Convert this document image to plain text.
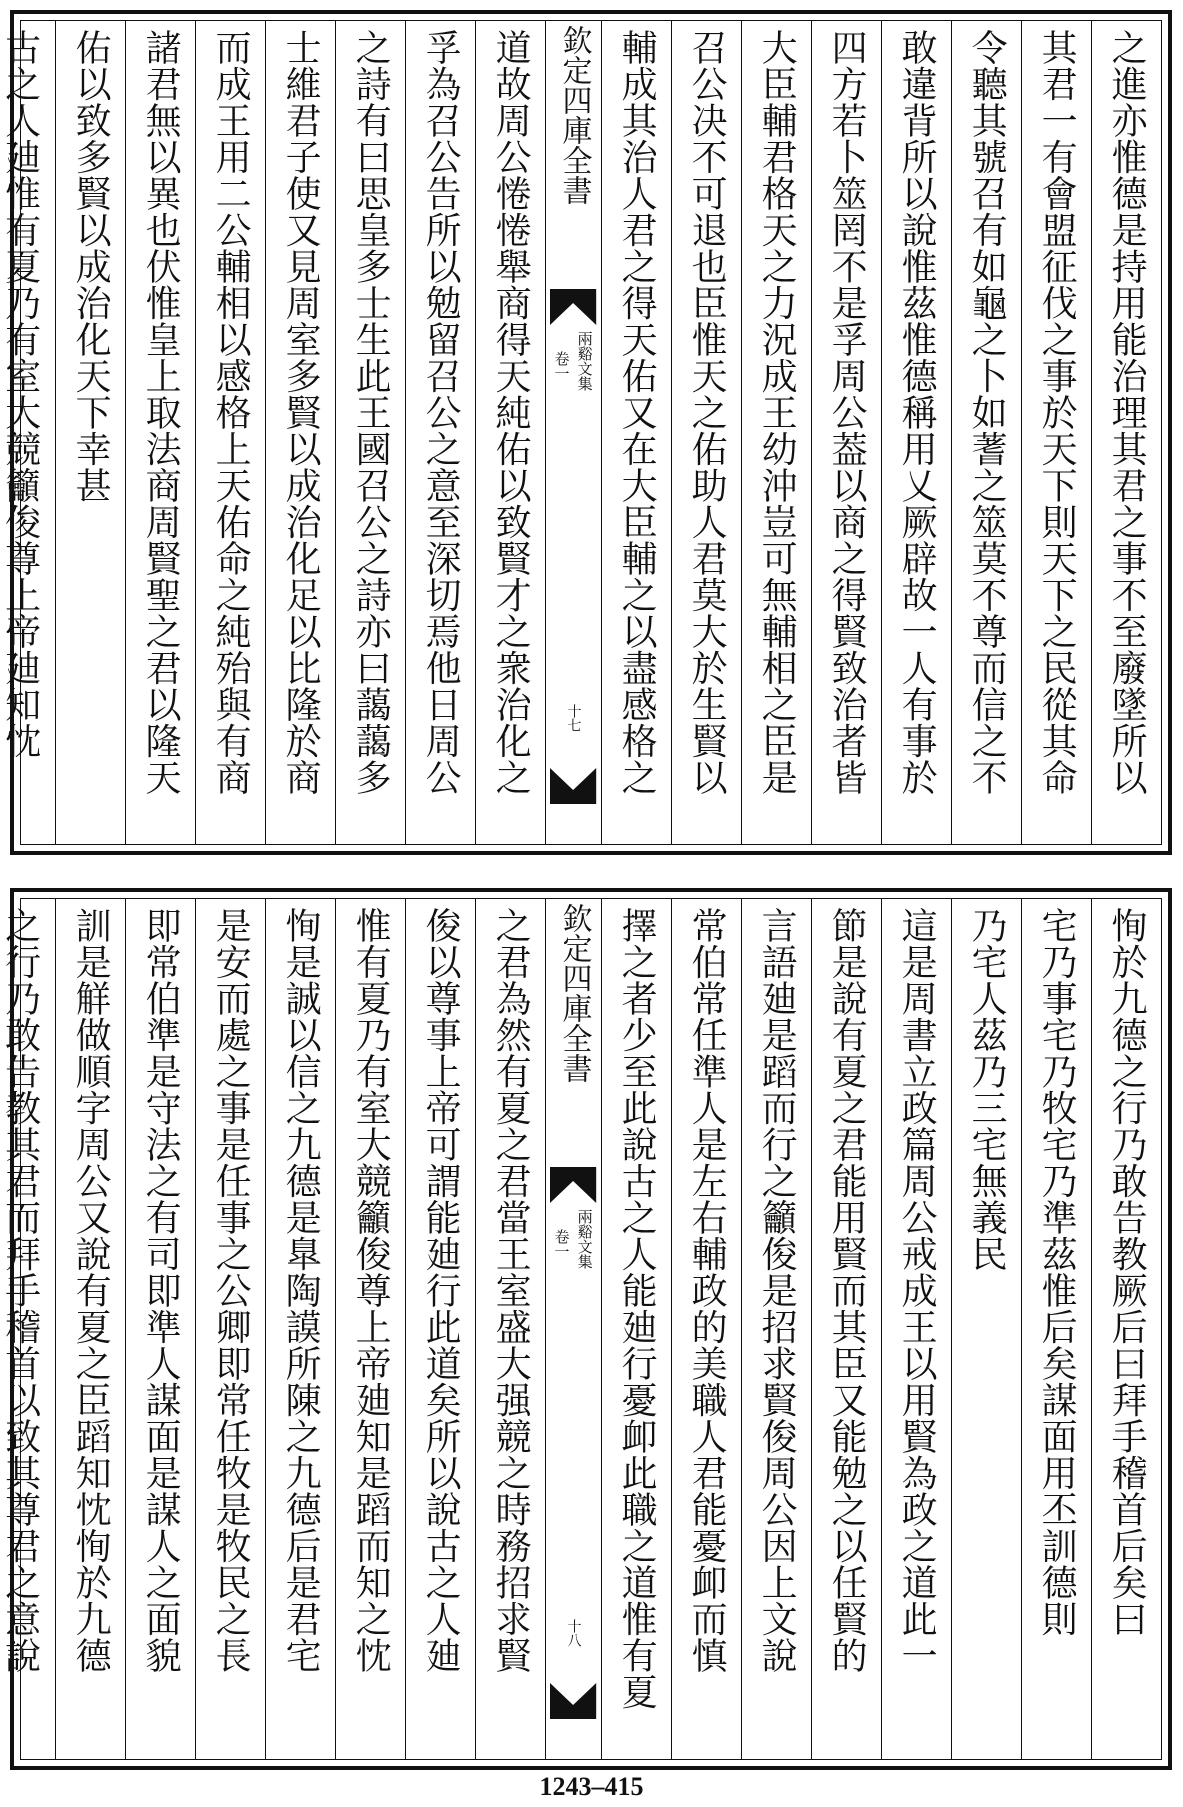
之進亦惟德是持用能治理其君之事不至廢墜所以
其君一有會盟征伐之事於天下則天下之民從其命
令聽其號召有如龜之卜如蓍之筮莫不尊而信之不
敢違背所以說惟茲惟德稱用乂厥辟故一人有事於
四方若卜筮罔不是孚周公葢以商之得賢致治者皆
大臣輔君格天之力況成王幼沖豈可無輔相之臣是
召公决不可退也臣惟天之佑助人君莫大於生賢以
輔成其治人君之得天佑又在大臣輔之以盡感格之
欽定四庫全書
兩谿文集
卷一
十七
道故周公惓惓舉商得天純佑以致賢才之衆治化之
孚為召公告所以勉留召公之意至深切焉他日周公
之詩有曰思皇多士生此王國召公之詩亦曰藹藹多
士維君子使又見周室多賢以成治化足以比隆於商
而成王用二公輔相以感格上天佑命之純殆與有商
諸君無以異也伏惟皇上取法商周賢聖之君以隆天
佑以致多賢以成治化天下幸甚
古之人廸惟有夏乃有室大競籲俊尊上帝廸知忱
恂於九德之行乃敢告教厥后曰拜手稽首后矣曰
宅乃事宅乃牧宅乃準茲惟后矣謀面用丕訓德則
乃宅人茲乃三宅無義民
這是周書立政篇周公戒成王以用賢為政之道此一
節是說有夏之君能用賢而其臣又能勉之以任賢的
言語廸是蹈而行之籲俊是招求賢俊周公因上文說
常伯常任準人是左右輔政的美職人君能憂卹而慎
擇之者少至此說古之人能廸行憂卹此職之道惟有夏
欽定四庫全書
兩谿文集
卷一
十八
之君為然有夏之君當王室盛大强競之時務招求賢
俊以尊事上帝可謂能廸行此道矣所以說古之人廸
惟有夏乃有室大競籲俊尊上帝廸知是蹈而知之忱
恂是誠以信之九德是臯陶謨所陳之九德后是君宅
是安而處之事是任事之公卿即常任牧是牧民之長
即常伯準是守法之有司即準人謀面是謀人之面貌
訓是觧做順字周公又說有夏之臣蹈知忱恂於九德
之行乃敢告教其君而拜手稽首以致其尊君之意說
1243–415
